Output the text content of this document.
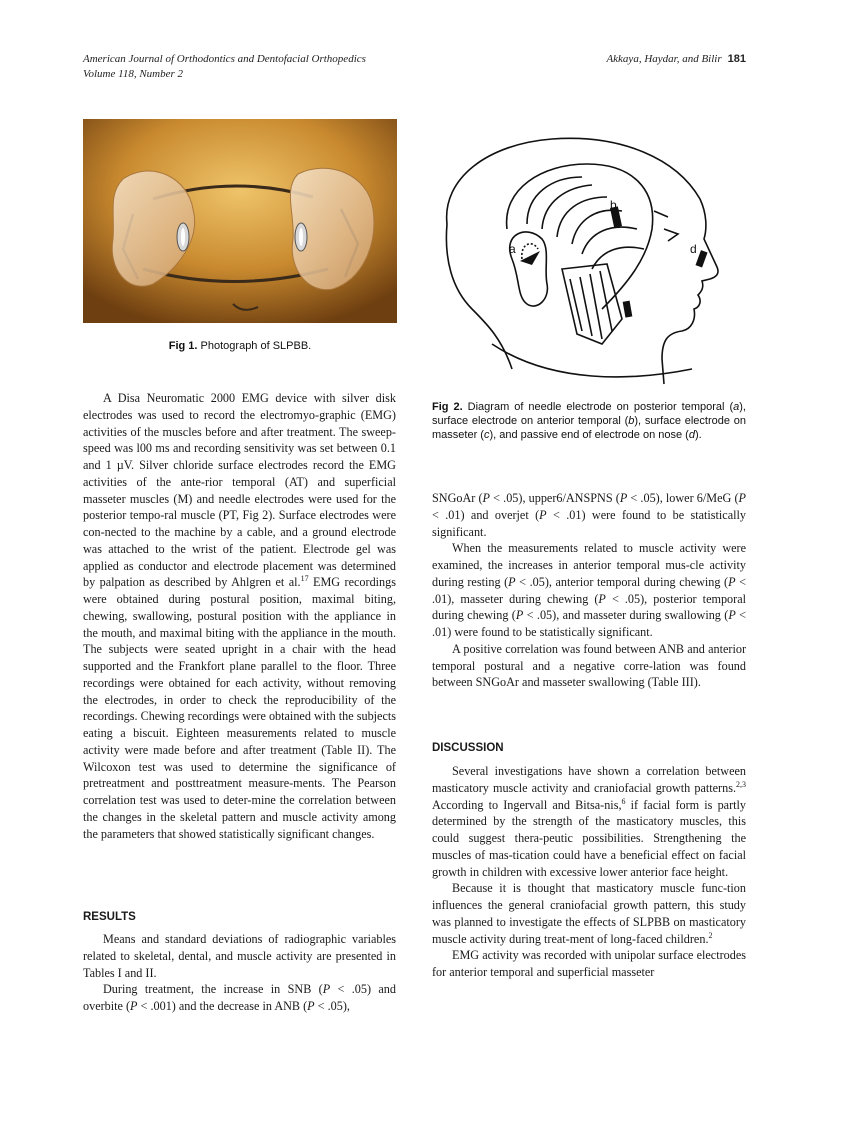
American Journal of Orthodontics and Dentofacial Orthopedics
Volume 118, Number 2
Akkaya, Haydar, and Bilir 181
Fig 1. Photograph of SLPBB.
b
a	d
Fig 2. Diagram of needle electrode on posterior temporal (a), surface electrode on anterior temporal (b), surface electrode on masseter (c), and passive end of electrode on nose (d).

A Disa Neuromatic 2000 EMG device with silver disk electrodes was used to record the electromyo-graphic (EMG) activities of the muscles before and after treatment. The sweep-speed was l00 ms and recording sensitivity was set between 0.1 and 1 µV. Silver chloride surface electrodes record the EMG activities of the ante-rior temporal (AT) and superficial masseter muscles (M) and needle electrodes were used for the posterior tempo-ral muscle (PT, Fig 2). Surface electrodes were con-nected to the machine by a cable, and a ground electrode was attached to the wrist of the patient. Electrode gel was applied as conductor and electrode placement was determined by palpation as described by Ahlgren et al.$^{17}$ EMG recordings were obtained during postural position, maximal biting, chewing, swallowing, postural position with the appliance in the mouth, and maximal biting with the appliance in the mouth. The subjects were seated upright in a chair with the head supported and the Frankfort plane parallel to the floor. Three recordings were obtained for each activity, without removing the electrodes, in order to check the reproducibility of the recordings. Chewing recordings were obtained with the subjects eating a biscuit. Eighteen measurements related to muscle activity were made before and after treatment (Table II). The Wilcoxon test was used to determine the significance of pretreatment and posttreatment measure-ments. The Pearson correlation test was used to deter-mine the correlation between the changes in the skeletal pattern and muscle activity among the parameters that showed statistically significant changes.

RESULTS

Means and standard deviations of radiographic variables related to skeletal, dental, and muscle activity are presented in Tables I and II.

During treatment, the increase in SNB (P < .05) and overbite (P < .001) and the decrease in ANB (P < .05),

SNGoAr (P < .05), upper6/ANSPNS (P < .05), lower 6/MeG (P < .01) and overjet (P < .01) were found to be statistically significant.

When the measurements related to muscle activity were examined, the increases in anterior temporal mus-cle activity during resting (P < .05), anterior temporal during chewing (P < .01), masseter during chewing (P < .05), posterior temporal during chewing (P < .05), and masseter during swallowing (P < .01) were found to be statistically significant.

A positive correlation was found between ANB and anterior temporal postural and a negative corre-lation was found between SNGoAr and masseter swallowing (Table III).

DISCUSSION

Several investigations have shown a correlation between masticatory muscle activity and craniofacial growth patterns.$^{2,3}$ According to Ingervall and Bitsa-nis,$^6$ if facial form is partly determined by the strength of the masticatory muscles, this could suggest thera-peutic possibilities. Strengthening the muscles of mas-tication could have a beneficial effect on facial growth in children with excessive lower anterior face height.

Because it is thought that masticatory muscle func-tion influences the general craniofacial growth pattern, this study was planned to investigate the effects of SLPBB on masticatory muscle activity during treat-ment of long-faced children.$^2$

EMG activity was recorded with unipolar surface electrodes for anterior temporal and superficial masseter
